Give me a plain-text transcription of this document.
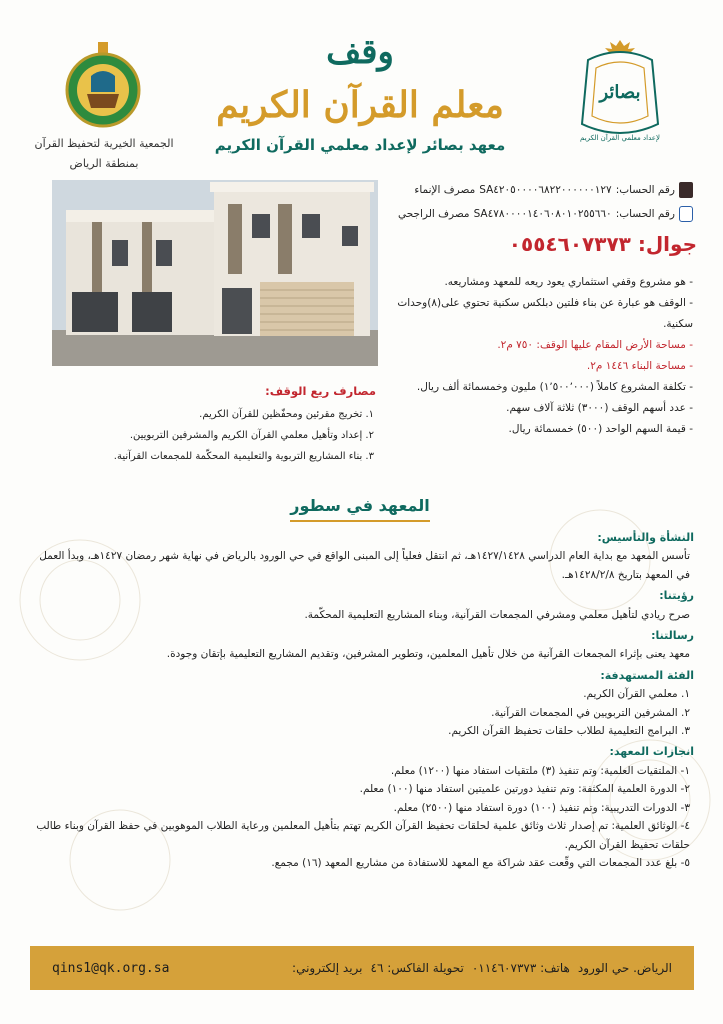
وقف
معلم القرآن الكريم
معهد بصائر لإعداد معلمي القرآن الكريم
بصائر
لإعداد معلمي القرآن الكريم
الجمعية الخيرية لتحفيظ القرآن
بمنطقة الرياض
رقم الحساب:
SA٤٢٠٥٠٠٠٠٦٨٢٢٠٠٠٠٠٠١٢٧
مصرف الإنماء
رقم الحساب:
SA٤٧٨٠٠٠٠١٤٠٦٠٨٠١٠٢٥٥٦٦٠
مصرف الراجحي
جوال: ٠٥٥٤٦٠٧٣٧٣

- هو مشروع وقفي استثماري يعود ريعه للمعهد ومشاريعه.

- الوقف هو عبارة عن بناء فلتين دبلكس سكنية تحتوي على(٨)وحدات سكنية.

- مساحة الأرض المقام عليها الوقف: ٧٥٠ م٢.

- مساحة البناء ١٤٤٦ م٢.

- تكلفة المشروع كاملاً (١٬٥٠٠٬٠٠٠) مليون وخمسمائة ألف ريال.

- عدد أسهم الوقف (٣٠٠٠) ثلاثة آلاف سهم.

- قيمة السهم الواحد (٥٠٠) خمسمائة ريال.

مصارف ريع الوقف:
١. تخريج مقرئين ومحفّظين للقرآن الكريم.
٢. إعداد وتأهيل معلمي القرآن الكريم والمشرفين التربويين.
٣. بناء المشاريع التربوية والتعليمية المحكّمة للمجمعات القرآنية.
المعهد في سطور
النشأة والتأسيس:
تأسس المعهد مع بداية العام الدراسي ١٤٢٧/١٤٢٨هـ، ثم انتقل فعلياً إلى المبنى الواقع في حي الورود بالرياض في نهاية شهر رمضان ١٤٢٧هـ، وبدأ العمل في المعهد بتاريخ ١٤٢٨/٢/٨هـ.
رؤيتنا:
صرح ريادي لتأهيل معلمي ومشرفي المجمعات القرآنية، وبناء المشاريع التعليمية المحكّمة.
رسالتنا:
معهد يعنى بإثراء المجمعات القرآنية من خلال تأهيل المعلمين، وتطوير المشرفين، وتقديم المشاريع التعليمية بإتقان وجودة.
الفئة المستهدفة:
١. معلمي القرآن الكريم.
٢. المشرفين التربويين في المجمعات القرآنية.
٣. البرامج التعليمية لطلاب حلقات تحفيظ القرآن الكريم.
انجازات المعهد:
١- الملتقيات العلمية: وتم تنفيذ (٣) ملتقيات استفاد منها (١٢٠٠) معلم.
٢- الدورة العلمية المكثفة: وتم تنفيذ دورتين علميتين استفاد منها (١٠٠) معلم.
٣- الدورات التدريبية: وتم تنفيذ (١٠٠) دورة استفاد منها (٢٥٠٠) معلم.
٤- الوثائق العلمية: تم إصدار ثلاث وثائق علمية لحلقات تحفيظ القرآن الكريم تهتم بتأهيل المعلمين ورعاية الطلاب الموهوبين في حفظ القرآن وبناء طالب حلقات تحفيظ القرآن الكريم.
٥- بلغ عدد المجمعات التي وقّعت عقد شراكة مع المعهد للاستفادة من مشاريع المعهد (١٦) مجمع.
الرياض. حي الورود
هاتف: ٠١١٤٦٠٧٣٧٣
تحويلة الفاكس: ٤٦
بريد إلكتروني:
qins1@qk.org.sa
